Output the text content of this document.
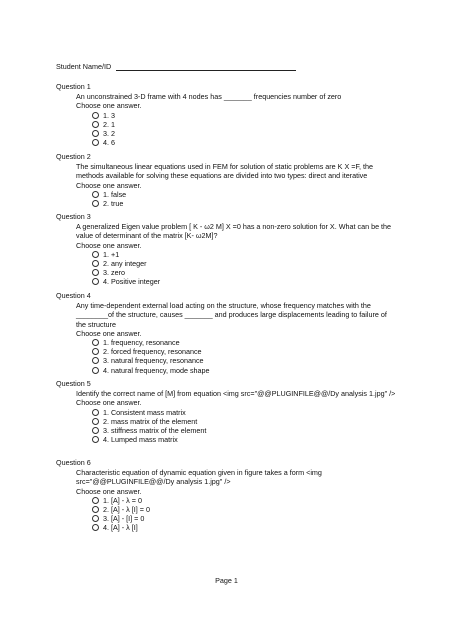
Student Name/ID
Question 1
An unconstrained 3-D frame with 4 nodes has _______ frequencies number of zero
Choose one answer.
1. 3
2. 1
3. 2
4. 6
Question 2
The simultaneous linear equations used in FEM for solution of static problems are K X =F, the methods available for solving these equations are divided into two types: direct and iterative
Choose one answer.
1. false
2. true
Question 3
A generalized Eigen value problem [ K - ω2 M] X =0 has a non-zero solution for X. What can be the value of determinant of the matrix [K- ω2M]?
Choose one answer.
1. +1
2. any integer
3. zero
4. Positive integer
Question 4
Any time-dependent external load acting on the structure, whose frequency matches with the ________of the structure, causes _______ and produces large displacements leading to failure of the structure
Choose one answer.
1. frequency, resonance
2. forced frequency, resonance
3. natural frequency, resonance
4. natural frequency, mode shape
Question 5
Identify the correct name of [M] from equation <img src="@@PLUGINFILE@@/Dy analysis 1.jpg" />
Choose one answer.
1. Consistent mass matrix
2. mass matrix of the element
3. stiffness matrix of the element
4. Lumped mass matrix
Question 6
Characteristic equation of dynamic equation given in figure takes a form <img src="@@PLUGINFILE@@/Dy analysis 1.jpg" />
Choose one answer.
1. [A] - λ = 0
2. [A] - λ [I] = 0
3. [A] - [I] = 0
4. [A] - λ [I]
Page 1
